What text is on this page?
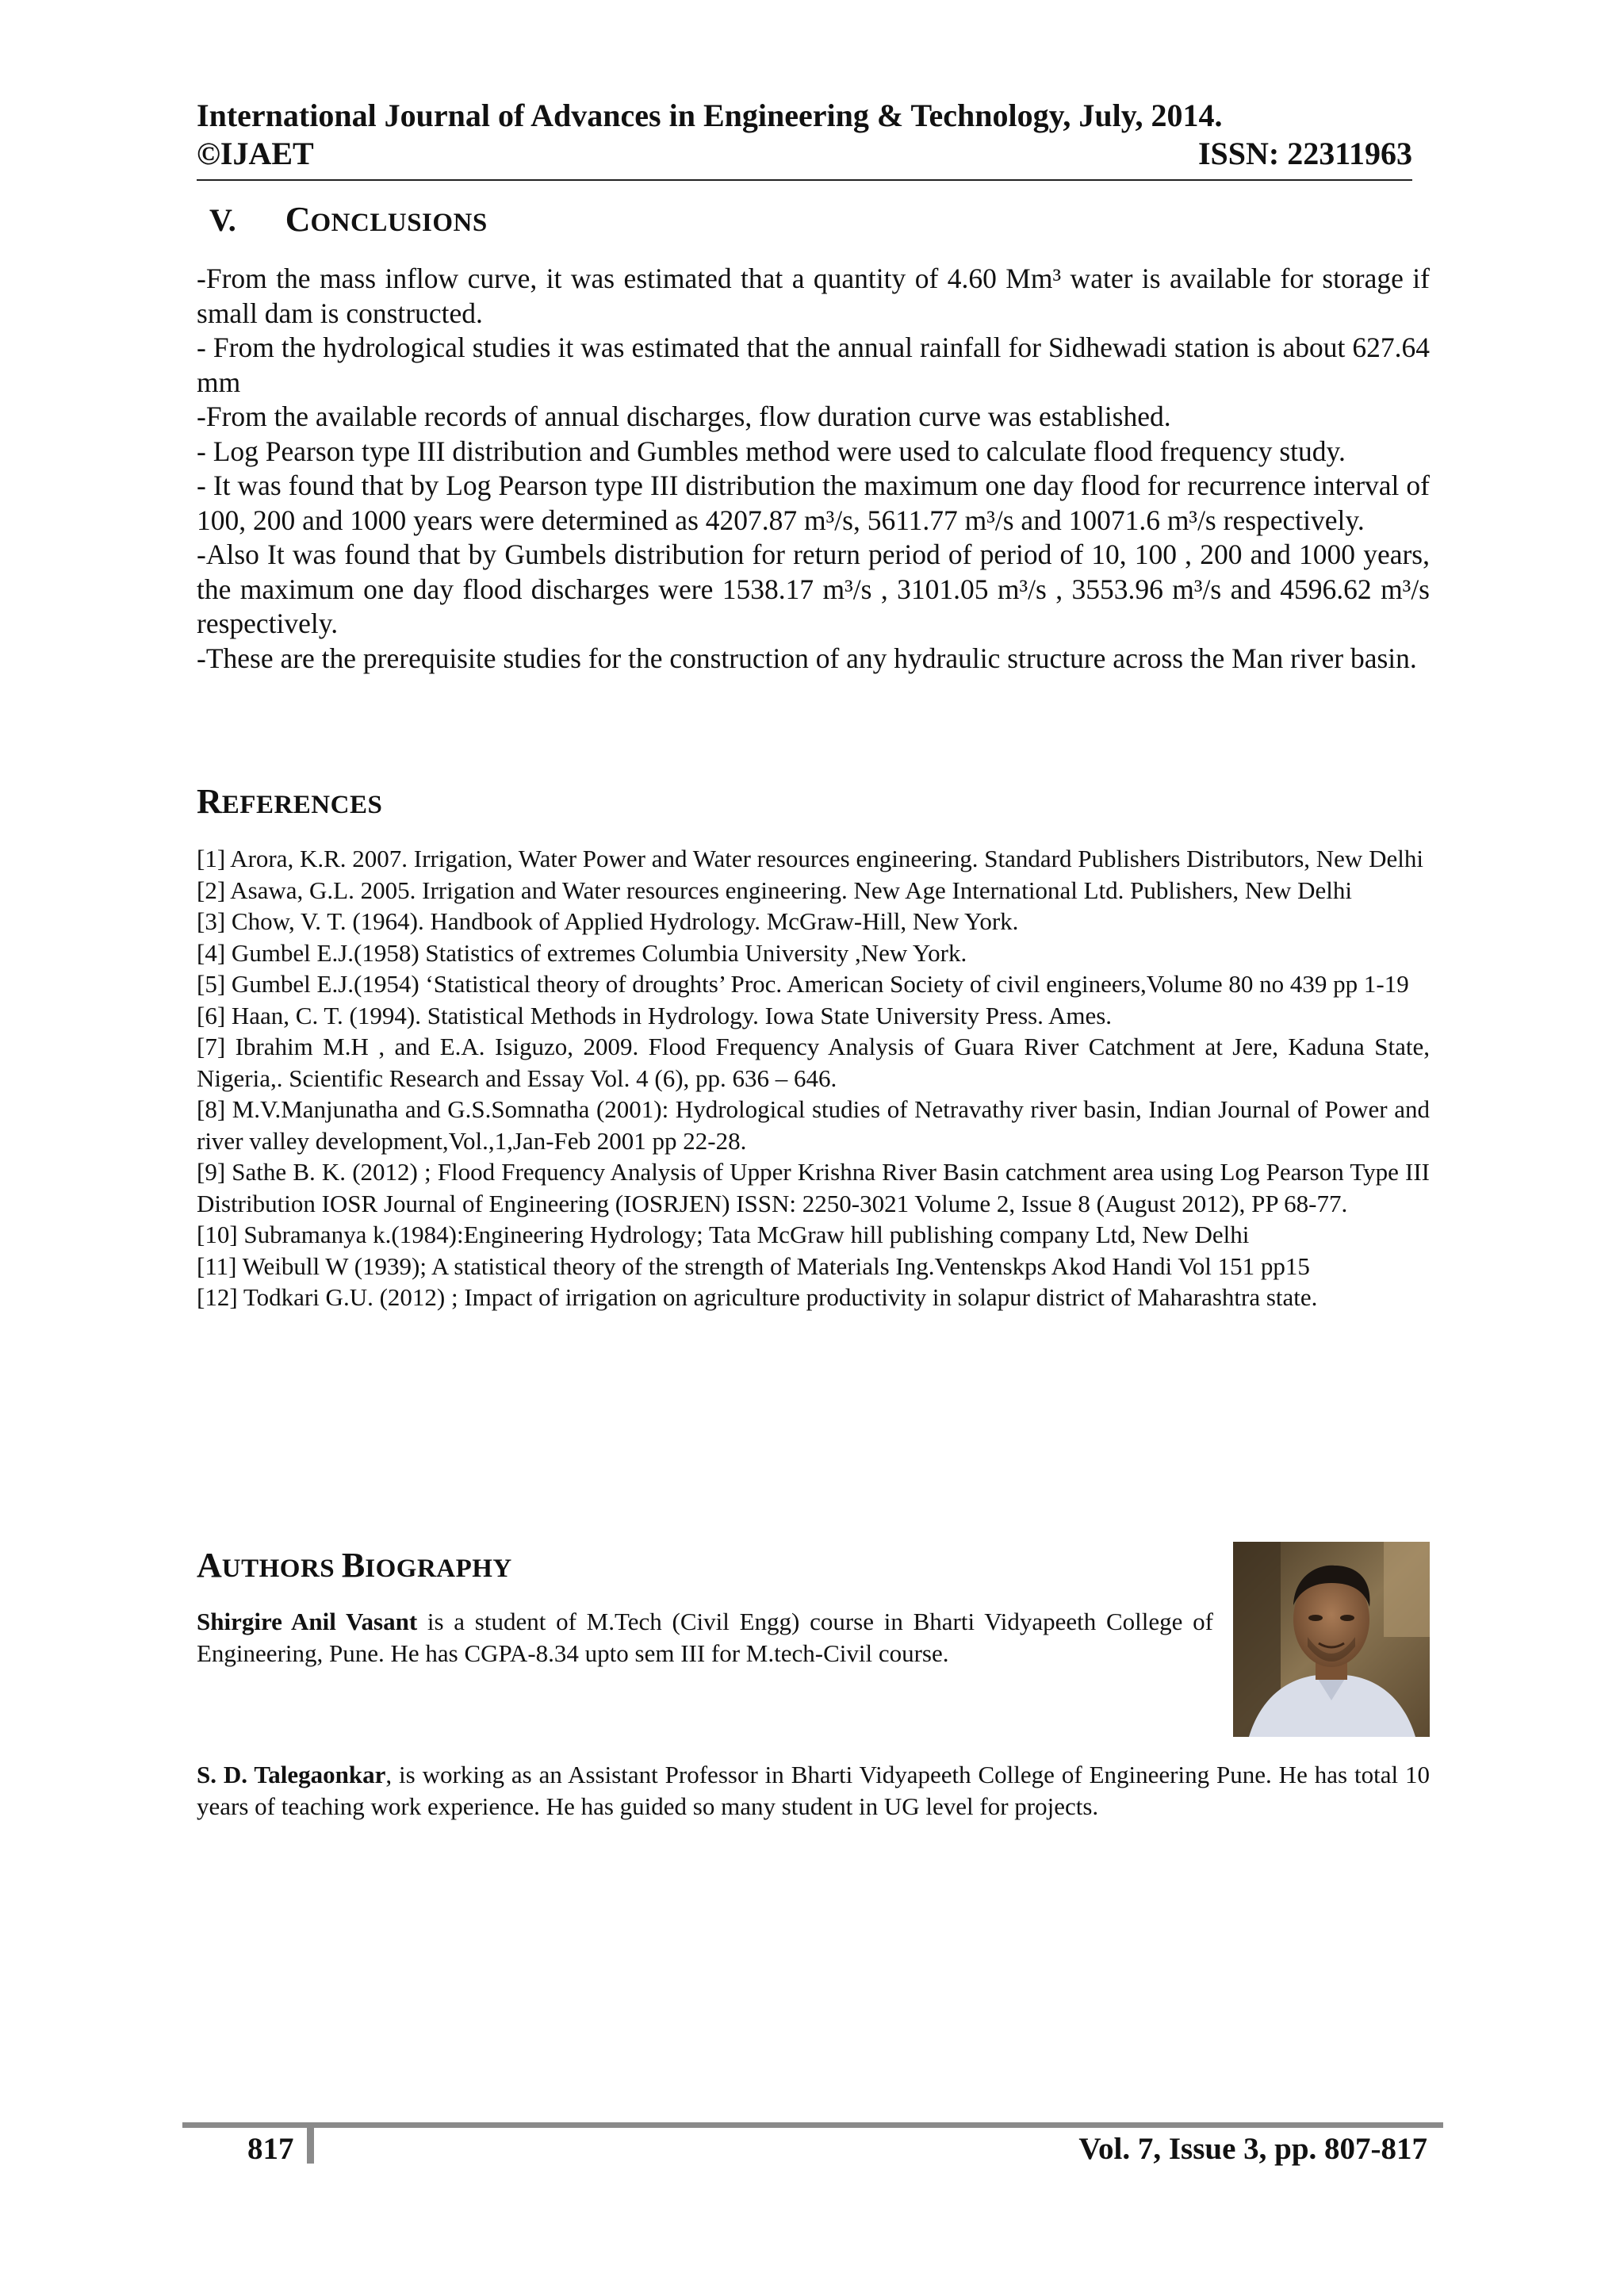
International Journal of Advances in Engineering & Technology, July, 2014.
©IJAET	ISSN: 22311963
V. CONCLUSIONS

-From the mass inflow curve, it was estimated that a quantity of 4.60 Mm³ water is available for storage if small dam is constructed.

- From the hydrological studies it was estimated that the annual rainfall for Sidhewadi station is about 627.64 mm

-From the available records of annual discharges, flow duration curve was established.

- Log Pearson type III distribution and Gumbles method were used to calculate flood frequency study.

- It was found that by Log Pearson type III distribution the maximum one day flood for recurrence interval of 100, 200 and 1000 years were determined as 4207.87 m³/s, 5611.77 m³/s and 10071.6 m³/s respectively.

-Also It was found that by Gumbels distribution for return period of period of 10, 100 , 200 and 1000 years, the maximum one day flood discharges were 1538.17 m³/s , 3101.05 m³/s , 3553.96 m³/s and 4596.62 m³/s respectively.

-These are the prerequisite studies for the construction of any hydraulic structure across the Man river basin.

REFERENCES

[1] Arora, K.R. 2007. Irrigation, Water Power and Water resources engineering. Standard Publishers Distributors, New Delhi

[2] Asawa, G.L. 2005. Irrigation and Water resources engineering. New Age International Ltd. Publishers, New Delhi

[3] Chow, V. T. (1964). Handbook of Applied Hydrology. McGraw-Hill, New York.

[4] Gumbel E.J.(1958) Statistics of extremes Columbia University ,New York.

[5] Gumbel E.J.(1954) ‘Statistical theory of droughts’ Proc. American Society of civil engineers,Volume 80 no 439 pp 1-19

[6] Haan, C. T. (1994). Statistical Methods in Hydrology. Iowa State University Press. Ames.

[7] Ibrahim M.H , and E.A. Isiguzo, 2009. Flood Frequency Analysis of Guara River Catchment at Jere, Kaduna State, Nigeria,. Scientific Research and Essay Vol. 4 (6), pp. 636 – 646.

[8] M.V.Manjunatha and G.S.Somnatha (2001): Hydrological studies of Netravathy river basin, Indian Journal of Power and river valley development,Vol.,1,Jan-Feb 2001 pp 22-28.

[9] Sathe B. K. (2012) ; Flood Frequency Analysis of Upper Krishna River Basin catchment area using Log Pearson Type III Distribution IOSR Journal of Engineering (IOSRJEN) ISSN: 2250-3021 Volume 2, Issue 8 (August 2012), PP 68-77.

[10] Subramanya k.(1984):Engineering Hydrology; Tata McGraw hill publishing company Ltd, New Delhi

[11] Weibull W (1939); A statistical theory of the strength of Materials Ing.Ventenskps Akod Handi Vol 151 pp15

[12] Todkari G.U. (2012) ; Impact of irrigation on agriculture productivity in solapur district of Maharashtra state.

AUTHORS BIOGRAPHY

Shirgire Anil Vasant is a student of M.Tech (Civil Engg) course in Bharti Vidyapeeth College of Engineering, Pune. He has CGPA-8.34 upto sem III for M.tech-Civil course.

S. D. Talegaonkar, is working as an Assistant Professor in Bharti Vidyapeeth College of Engineering Pune. He has total 10 years of teaching work experience. He has guided so many student in UG level for projects.

817	Vol. 7, Issue 3, pp. 807-817
